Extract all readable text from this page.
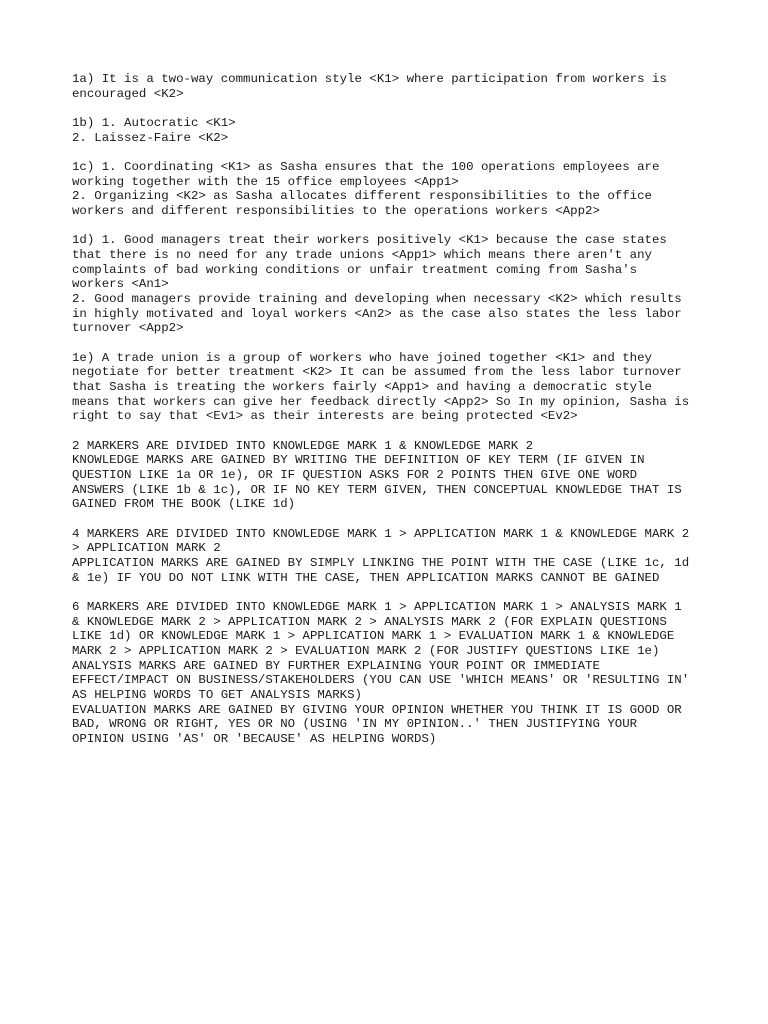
1a) It is a two-way communication style <K1> where participation from workers is
encouraged <K2>

1b) 1. Autocratic <K1>
2. Laissez-Faire <K2>

1c) 1. Coordinating <K1> as Sasha ensures that the 100 operations employees are
working together with the 15 office employees <App1>
2. Organizing <K2> as Sasha allocates different responsibilities to the office
workers and different responsibilities to the operations workers <App2>

1d) 1. Good managers treat their workers positively <K1> because the case states
that there is no need for any trade unions <App1> which means there aren't any
complaints of bad working conditions or unfair treatment coming from Sasha's
workers <An1>
2. Good managers provide training and developing when necessary <K2> which results
in highly motivated and loyal workers <An2> as the case also states the less labor
turnover <App2>

1e) A trade union is a group of workers who have joined together <K1> and they
negotiate for better treatment <K2> It can be assumed from the less labor turnover
that Sasha is treating the workers fairly <App1> and having a democratic style
means that workers can give her feedback directly <App2> So In my opinion, Sasha is
right to say that <Ev1> as their interests are being protected <Ev2>

2 MARKERS ARE DIVIDED INTO KNOWLEDGE MARK 1 & KNOWLEDGE MARK 2
KNOWLEDGE MARKS ARE GAINED BY WRITING THE DEFINITION OF KEY TERM (IF GIVEN IN
QUESTION LIKE 1a OR 1e), OR IF QUESTION ASKS FOR 2 POINTS THEN GIVE ONE WORD
ANSWERS (LIKE 1b & 1c), OR IF NO KEY TERM GIVEN, THEN CONCEPTUAL KNOWLEDGE THAT IS
GAINED FROM THE BOOK (LIKE 1d)

4 MARKERS ARE DIVIDED INTO KNOWLEDGE MARK 1 > APPLICATION MARK 1 & KNOWLEDGE MARK 2
> APPLICATION MARK 2
APPLICATION MARKS ARE GAINED BY SIMPLY LINKING THE POINT WITH THE CASE (LIKE 1c, 1d
& 1e) IF YOU DO NOT LINK WITH THE CASE, THEN APPLICATION MARKS CANNOT BE GAINED

6 MARKERS ARE DIVIDED INTO KNOWLEDGE MARK 1 > APPLICATION MARK 1 > ANALYSIS MARK 1
& KNOWLEDGE MARK 2 > APPLICATION MARK 2 > ANALYSIS MARK 2 (FOR EXPLAIN QUESTIONS
LIKE 1d) OR KNOWLEDGE MARK 1 > APPLICATION MARK 1 > EVALUATION MARK 1 & KNOWLEDGE
MARK 2 > APPLICATION MARK 2 > EVALUATION MARK 2 (FOR JUSTIFY QUESTIONS LIKE 1e)
ANALYSIS MARKS ARE GAINED BY FURTHER EXPLAINING YOUR POINT OR IMMEDIATE
EFFECT/IMPACT ON BUSINESS/STAKEHOLDERS (YOU CAN USE 'WHICH MEANS' OR 'RESULTING IN'
AS HELPING WORDS TO GET ANALYSIS MARKS)
EVALUATION MARKS ARE GAINED BY GIVING YOUR OPINION WHETHER YOU THINK IT IS GOOD OR
BAD, WRONG OR RIGHT, YES OR NO (USING 'IN MY 0PINION..' THEN JUSTIFYING YOUR
OPINION USING 'AS' OR 'BECAUSE' AS HELPING WORDS)
